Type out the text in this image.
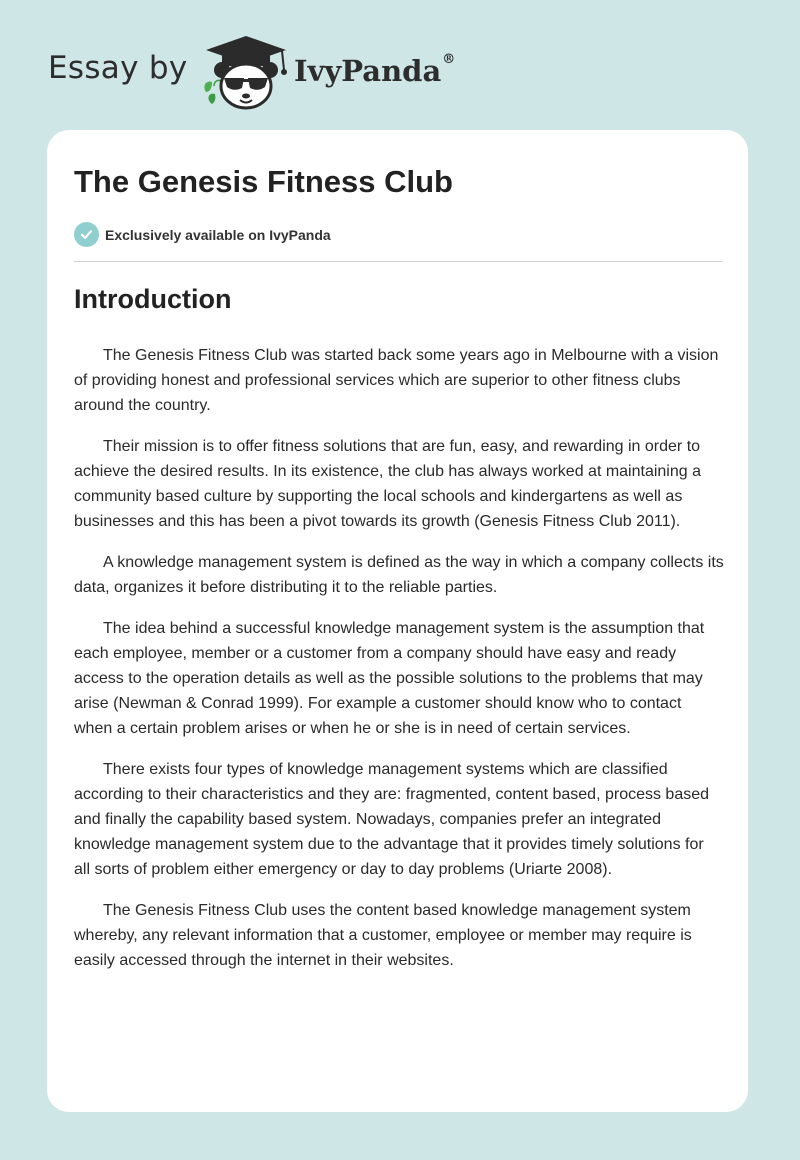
Essay by	IvyPanda®
The Genesis Fitness Club
Exclusively available on IvyPanda
Introduction

The Genesis Fitness Club was started back some years ago in Melbourne with a vision of providing honest and professional services which are superior to other fitness clubs around the country.

Their mission is to offer fitness solutions that are fun, easy, and rewarding in order to achieve the desired results. In its existence, the club has always worked at maintaining a community based culture by supporting the local schools and kindergartens as well as businesses and this has been a pivot towards its growth (Genesis Fitness Club 2011).

A knowledge management system is defined as the way in which a company collects its data, organizes it before distributing it to the reliable parties.

The idea behind a successful knowledge management system is the assumption that each employee, member or a customer from a company should have easy and ready access to the operation details as well as the possible solutions to the problems that may arise (Newman & Conrad 1999). For example a customer should know who to contact when a certain problem arises or when he or she is in need of certain services.

There exists four types of knowledge management systems which are classified according to their characteristics and they are: fragmented, content based, process based and finally the capability based system. Nowadays, companies prefer an integrated knowledge management system due to the advantage that it provides timely solutions for all sorts of problem either emergency or day to day problems (Uriarte 2008).

The Genesis Fitness Club uses the content based knowledge management system whereby, any relevant information that a customer, employee or member may require is easily accessed through the internet in their websites.
